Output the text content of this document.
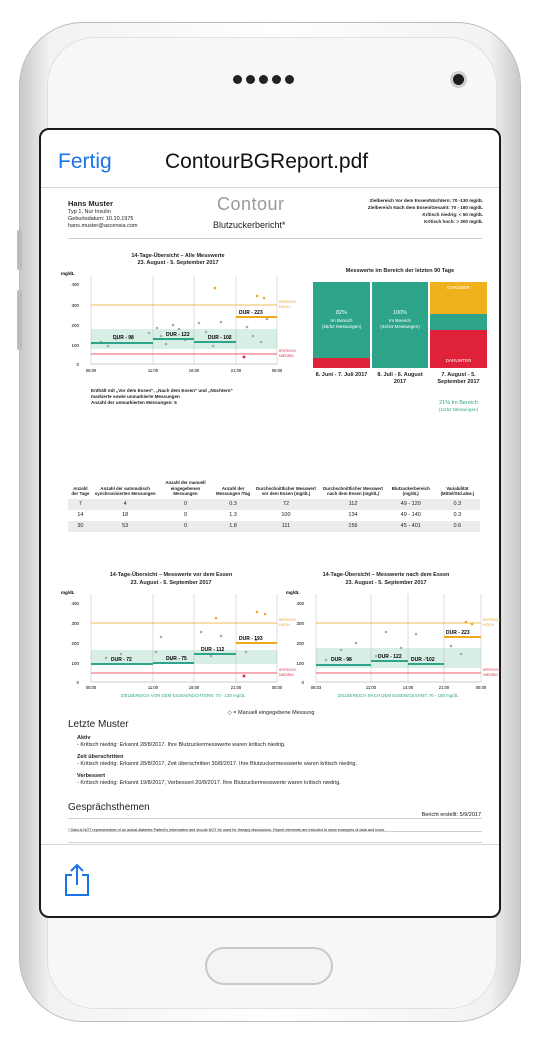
Fertig	ContourBGReport.pdf
Hans Muster
Typ 1, Nur Insulin
Geburtsdatum: 10.10.1975
hans.muster@ascensia.com
Contour
Blutzuckerbericht*
Zielbereich Vor dem Essen/Nüchtern: 70 -130 mg/dL
Zielbereich Nach dem Essen/Gesamt: 70 - 180 mg/dL
Kritisch niedrig: < 50 mg/dL
Kritisch hoch: > 300 mg/dL
14-Tage-Übersicht – Alle Messwerte
23. August - 5. September 2017
mg/dL
400
300
200
100
0
DUR - 98	DUR - 122	DUR - 102
DUR - 223
KRITISCH
HOCH
KRITISCH
NIEDRIG
05:00	11:00	16:00	21:00	05:00
Enthält mit „Vor dem Essen", „Nach dem Essen" und „Nüchtern"
markierte sowie unmarkierte Messungen
Anzahl der unmarkierten Messungen: 6
Messwerte im Bereich der letzten 90 Tage
82%
Im Bereich
(45/52 Messungen)
100%
Im Bereich
(34/34 Messungen)
DARÜBER
DARUNTER
8. Juni - 7. Juli 2017	8. Juli - 6. August 2017
7. August - 5. September 2017
21% Im Bereich
(11/52 Messungen)
Anzahl der Tage	Anzahl der automatisch synchronisierten Messungen	Anzahl der manuell eingegebenen Messungen	Anzahl der Messungen /Tag	Durchschnittlicher Messwert vor dem Essen (mg/dL)	Durchschnittlicher Messwert nach dem Essen (mg/dL)	Blutzuckerbereich (mg/dL)	Variabilität (Mittel/Std.abw.)
7	4	0	0.3	72	112	49 - 120	0.3
14	18	0	1.3	100	134	49 - 140	0.3
30	53	0	1.8	111	156	45 - 401	0.6
14-Tage-Übersicht – Messwerte vor dem Essen
23. August - 5. September 2017
mg/dL
400
300
200
100
0
DUR - 72	DUR - 75
DUR - 112
DUR - 193
KRITISCH
HOCH
KRITISCH
NIEDRIG
05:00	11:00	16:00	21:00	05:00
ZIELBEREICH VOR DEM ESSEN/NÜCHTERN: 70 - 130 mg/dL
14-Tage-Übersicht – Messwerte nach dem Essen
23. August - 5. September 2017
mg/dL
400
300
200
100
0
DUR - 98	DUR - 122 DUR - 102
DUR - 223
KRITISCH
HOCH
KRITISCH
NIEDRIG
05:03	11:00	14:00	21:00	05:00
ZIELBEREICH NACH DEM ESSEN/GESAMT: 70 - 180 mg/dL
◇ = Manuell eingegebene Messung
Letzte Muster
Aktiv
- Kritisch niedrig: Erkannt 28/8/2017. Ihre Blutzuckermesswerte waren kritisch niedrig.
Zeit überschritten
- Kritisch niedrig: Erkannt 28/8/2017, Zeit überschritten 30/8/2017. Ihre Blutzuckermesswerte waren kritisch niedrig.
Verbessert
- Kritisch niedrig: Erkannt 19/8/2017, Verbessert 20/8/2017. Ihre Blutzuckermesswerte waren kritisch niedrig.
Gesprächsthemen
Bericht erstellt: 5/9/2017
* Data is NOT representative of an actual diabetes Patient's information and should NOT be used for therapy discussions. Report elements are included to show examples of data and icons.
